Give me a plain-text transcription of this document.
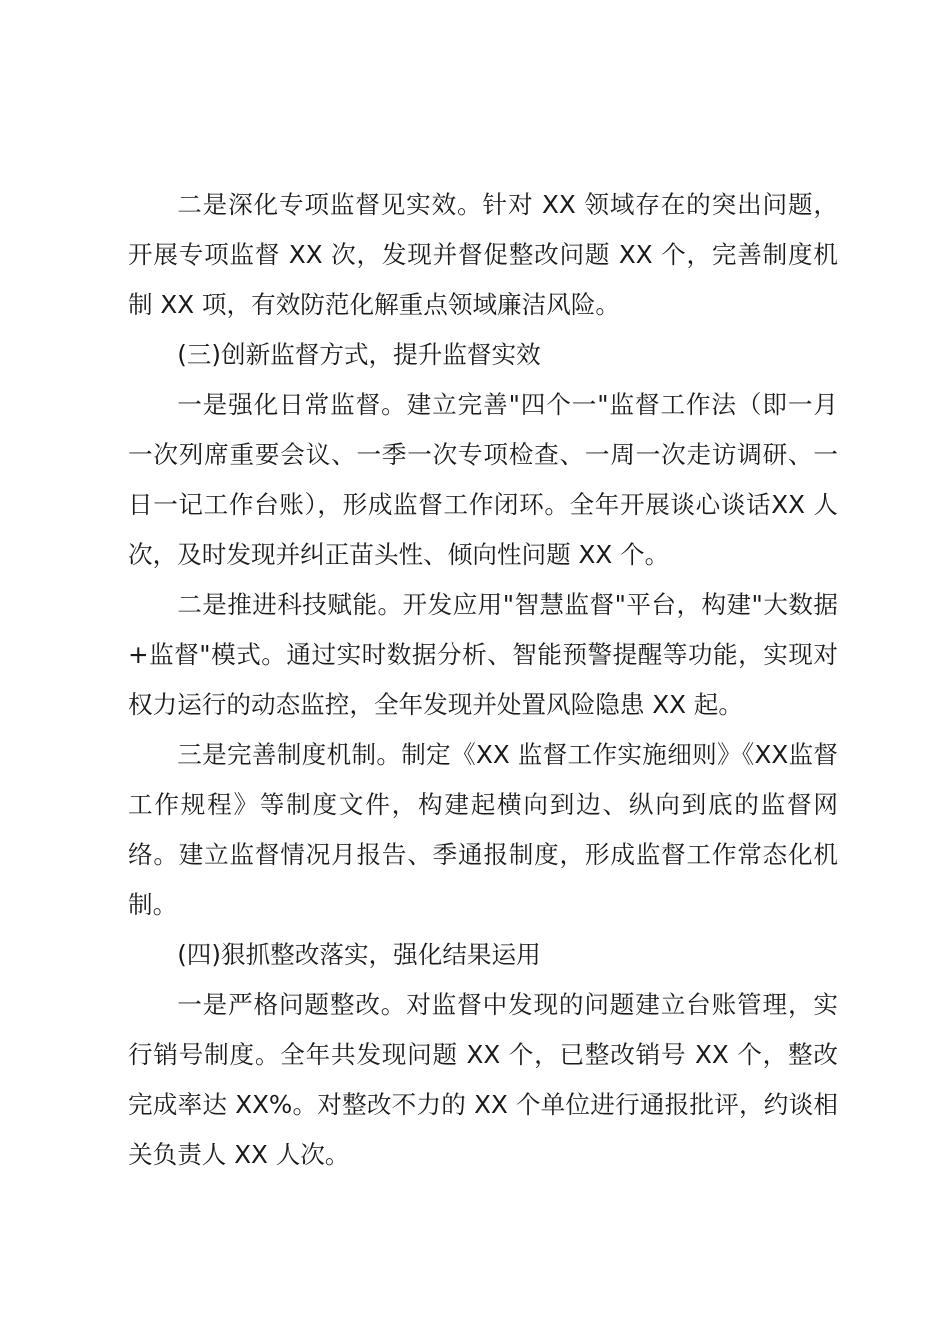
二是深化专项监督见实效。针对 XX 领域存在的突出问题，开展专项监督 XX 次，发现并督促整改问题 XX 个，完善制度机制 XX 项，有效防范化解重点领域廉洁风险。

(三)创新监督方式，提升监督实效

一是强化日常监督。建立完善"四个一"监督工作法（即一月一次列席重要会议、一季一次专项检查、一周一次走访调研、一日一记工作台账），形成监督工作闭环。全年开展谈心谈话XX 人次，及时发现并纠正苗头性、倾向性问题 XX 个。

二是推进科技赋能。开发应用"智慧监督"平台，构建"大数据+监督"模式。通过实时数据分析、智能预警提醒等功能，实现对权力运行的动态监控，全年发现并处置风险隐患 XX 起。

三是完善制度机制。制定《XX 监督工作实施细则》《XX监督工作规程》等制度文件，构建起横向到边、纵向到底的监督网络。建立监督情况月报告、季通报制度，形成监督工作常态化机制。

(四)狠抓整改落实，强化结果运用

一是严格问题整改。对监督中发现的问题建立台账管理，实行销号制度。全年共发现问题 XX 个，已整改销号 XX 个，整改完成率达 XX%。对整改不力的 XX 个单位进行通报批评，约谈相关负责人 XX 人次。
